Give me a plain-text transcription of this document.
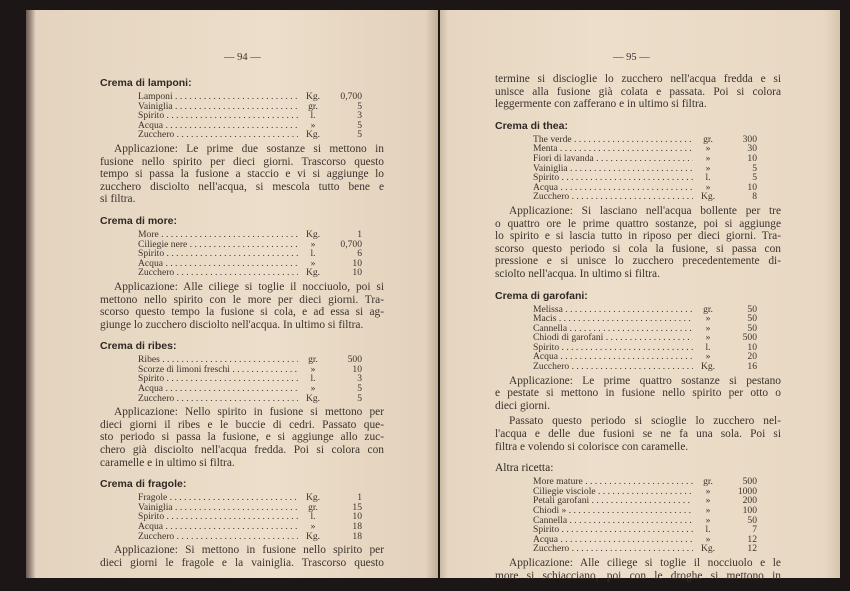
— 94 —
Crema di lamponi:
Lamponi . . .	Kg.	0,700
Vainiglia . . .	gr.	5
Spirito . . .	l.	3
Acqua . . .	»	5
Zucchero . . .	Kg.	5
Applicazione: Le prime due sostanze si mettono in
fusione nello spirito per dieci giorni. Trascorso questo
tempo si passa la fusione a staccio e vi si aggiunge lo
zucchero disciolto nell'acqua, si mescola tutto bene e
si filtra.
Crema di more:
More . . .	Kg.	1
Ciliegie nere . . .	»	0,700
Spirito . . .	l.	6
Acqua . . .	»	10
Zucchero . . .	Kg.	10
Applicazione: Alle ciliege si toglie il nocciuolo, poi si
mettono nello spirito con le more per dieci giorni. Tra-
scorso questo tempo la fusione si cola, e ad essa si ag-
giunge lo zucchero disciolto nell'acqua. In ultimo si filtra.
Crema di ribes:
Ribes . . .	gr.	500
Scorze di limoni freschi . . .	»	10
Spirito . . .	l.	3
Acqua . . .	»	5
Zucchero . . .	Kg.	5
Applicazione: Nello spirito in fusione si mettono per
dieci giorni il ribes e le buccie di cedri. Passato que-
sto periodo si passa la fusione, e si aggiunge allo zuc-
chero già disciolto nell'acqua fredda. Poi si colora con
caramelle e in ultimo si filtra.
Crema di fragole:
Fragole . . .	Kg.	1
Vainiglia . . .	gr.	15
Spirito . . .	l.	10
Acqua . . .	»	18
Zucchero . . .	Kg.	18
Applicazione: Si mettono in fusione nello spirito per
dieci giorni le fragole e la vainiglia. Trascorso questo
— 95 —
termine si discioglie lo zucchero nell'acqua fredda e si
unisce alla fusione già colata e passata. Poi si colora
leggermente con zafferano e in ultimo si filtra.
Crema di thea:
The verde . . .	gr.	300
Menta . . .	»	30
Fiori di lavanda . . .	»	10
Vainiglia . . .	»	5
Spirito . . .	l.	5
Acqua . . .	»	10
Zucchero . . .	Kg.	8
Applicazione: Si lasciano nell'acqua bollente per tre
o quattro ore le prime quattro sostanze, poi si aggiunge
lo spirito e si lascia tutto in riposo per dieci giorni. Tra-
scorso questo periodo si cola la fusione, si passa con
pressione e si unisce lo zucchero precedentemente di-
sciolto nell'acqua. In ultimo si filtra.
Crema di garofani:
Melissa . . .	gr.	50
Macis . . .	»	50
Cannella . . .	»	50
Chiodi di garofani . . .	»	500
Spirito . . .	l.	10
Acqua . . .	»	20
Zucchero . . .	Kg.	16
Applicazione: Le prime quattro sostanze si pestano
e pestate si mettono in fusione nello spirito per otto o
dieci giorni.
Passato questo periodo si scioglie lo zucchero nel-
l'acqua e delle due fusioni se ne fa una sola. Poi si
filtra e volendo si colorisce con caramelle.
Altra ricetta:
More mature . . .	gr.	500
Ciliegie visciole . . .	»	1000
Petali garofani . . .	»	200
Chiodi » . . .	»	100
Cannella . . .	»	50
Spirito . . .	l.	7
Acqua . . .	»	12
Zucchero . . .	Kg.	12
Applicazione: Alle ciliege si toglie il nocciuolo e le
more si schiacciano, poi con le droghe si mettono in
